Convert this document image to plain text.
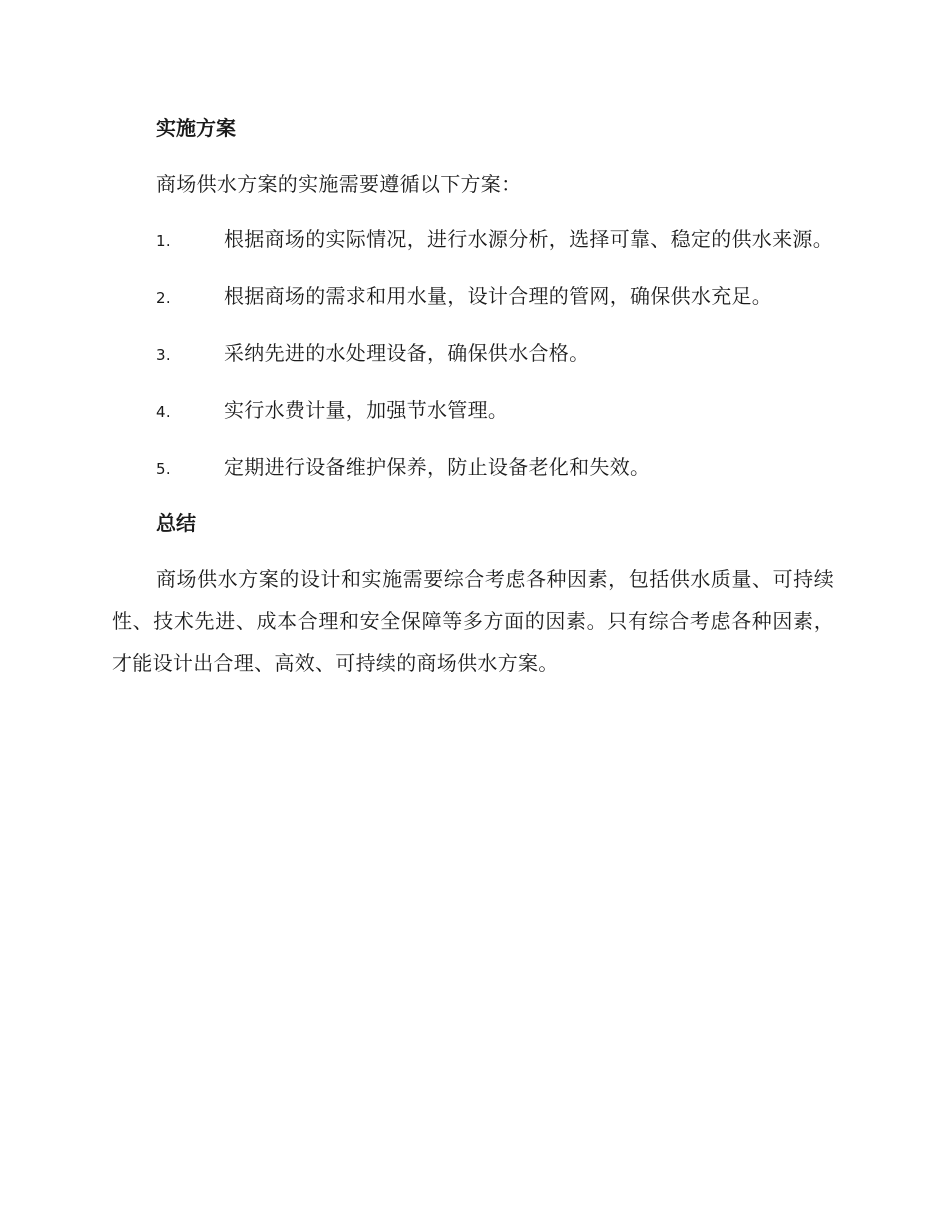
实施方案

商场供水方案的实施需要遵循以下方案：

1.	根据商场的实际情况，进行水源分析，选择可靠、稳定的供水来源。
2.	根据商场的需求和用水量，设计合理的管网，确保供水充足。
3.	采纳先进的水处理设备，确保供水合格。
4.	实行水费计量，加强节水管理。
5.	定期进行设备维护保养，防止设备老化和失效。
总结

商场供水方案的设计和实施需要综合考虑各种因素，包括供水质量、可持续性、技术先进、成本合理和安全保障等多方面的因素。只有综合考虑各种因素，才能设计出合理、高效、可持续的商场供水方案。
